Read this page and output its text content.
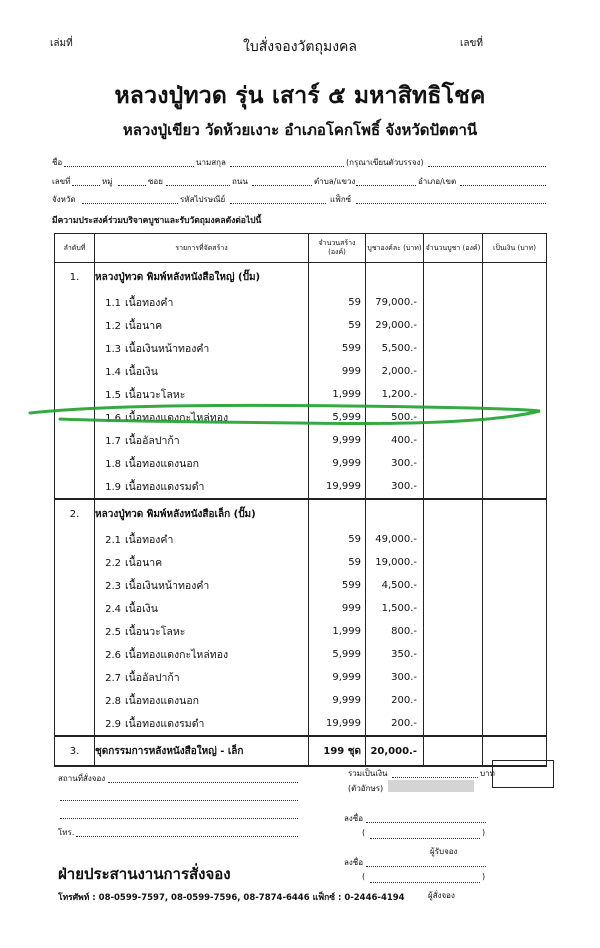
เล่มที่	เลขที่
ใบสั่งจองวัตถุมงคล
หลวงปู่ทวด รุ่น เสาร์ ๕ มหาสิทธิโชค
หลวงปู่เขียว วัดห้วยเงาะ อำเภอโคกโพธิ์ จังหวัดปัตตานี
ชื่อ	นามสกุล	(กรุณาเขียนตัวบรรจง)
เลขที่	หมู่	ซอย	ถนน	ตำบล/แขวง	อำเภอ/เขต
จังหวัด	รหัสไปรษณีย์	แฟ็กซ์
มีความประสงค์ร่วมบริจาคบูชาและรับวัตถุมงคลดังต่อไปนี้
ลำดับที่	รายการที่จัดสร้าง	จำนวนสร้าง (องค์)	บูชาองค์ละ (บาท)	จำนวนบูชา (องค์)	เป็นเงิน (บาท)
1.	หลวงปู่ทวด พิมพ์หลังหนังสือใหญ่ (ปั๊ม)				
	1.1 เนื้อทองคำ	59	79,000.-		
	1.2 เนื้อนาค	59	29,000.-		
	1.3 เนื้อเงินหน้าทองคำ	599	5,500.-		
	1.4 เนื้อเงิน	999	2,000.-		
	1.5 เนื้อนวะโลหะ	1,999	1,200.-		
	1.6 เนื้อทองแดงกะไหล่ทอง	5,999	500.-		
	1.7 เนื้ออัลปาก้า	9,999	400.-		
	1.8 เนื้อทองแดงนอก	9,999	300.-		
	1.9 เนื้อทองแดงรมดำ	19,999	300.-		
2.	หลวงปู่ทวด พิมพ์หลังหนังสือเล็ก (ปั๊ม)				
	2.1 เนื้อทองคำ	59	49,000.-		
	2.2 เนื้อนาค	59	19,000.-		
	2.3 เนื้อเงินหน้าทองคำ	599	4,500.-		
	2.4 เนื้อเงิน	999	1,500.-		
	2.5 เนื้อนวะโลหะ	1,999	800.-		
	2.6 เนื้อทองแดงกะไหล่ทอง	5,999	350.-		
	2.7 เนื้ออัลปาก้า	9,999	300.-		
	2.8 เนื้อทองแดงนอก	9,999	200.-		
	2.9 เนื้อทองแดงรมดำ	19,999	200.-		
3.	ชุดกรรมการหลังหนังสือใหญ่ - เล็ก	199 ชุด	20,000.-		
สถานที่สั่งจอง
โทร.
รวมเป็นเงิน	บาท
(ตัวอักษร)
ลงชื่อ
(	)
ผู้รับจอง
ลงชื่อ
(	)
ผู้สั่งจอง
ฝ่ายประสานงานการสั่งจอง
โทรศัพท์ : 08-0599-7597, 08-0599-7596, 08-7874-6446 แฟ็กซ์ : 0-2446-4194
